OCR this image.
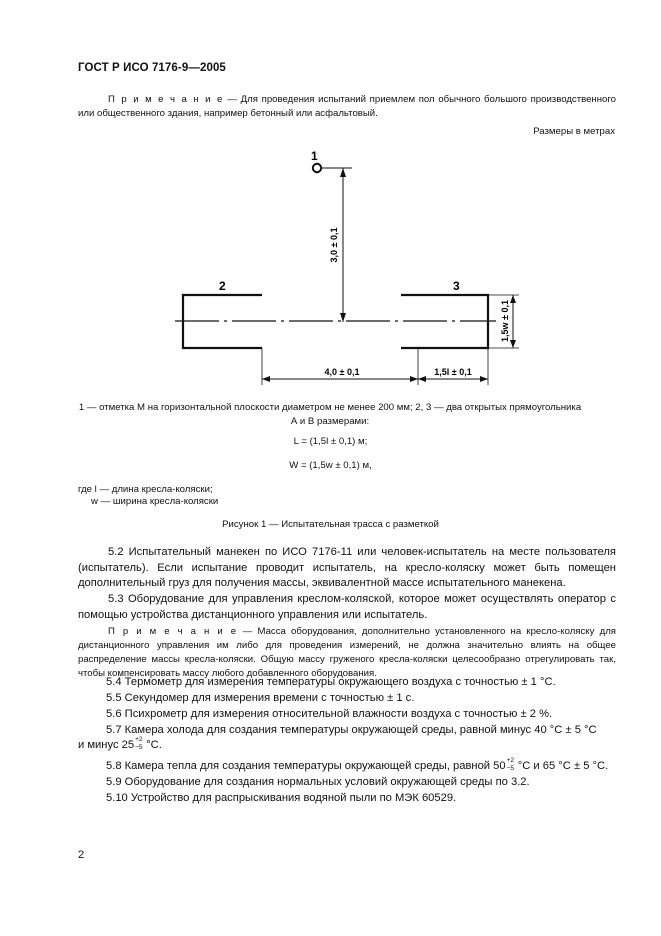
ГОСТ Р ИСО 7176-9—2005
П р и м е ч а н и е — Для проведения испытаний приемлем пол обычного большого производственного или общественного здания, например бетонный или асфальтовый.
Размеры в метрах
1
3,0 ± 0,1
2	3
1,5w ± 0,1
4,0 ± 0,1	1,5l ± 0,1
1 — отметка M на горизонтальной плоскости диаметром не менее 200 мм; 2, 3 — два открытых прямоугольника
А и В размерами:
L = (1,5l ± 0,1) м;
W = (1,5w ± 0,1) м,
где l — длина кресла-коляски;
w — ширина кресла-коляски
Рисунок 1 — Испытательная трасса с разметкой
5.2 Испытательный манекен по ИСО 7176-11 или человек-испытатель на месте пользователя (испытатель). Если испытание проводит испытатель, на кресло-коляску может быть помещен дополнительный груз для получения массы, эквивалентной массе испытательного манекена.
5.3 Оборудование для управления креслом-коляской, которое может осуществлять оператор с помощью устройства дистанционного управления или испытатель.
П р и м е ч а н и е — Масса оборудования, дополнительно установленного на кресло-коляску для дистанционного управления им либо для проведения измерений, не должна значительно влиять на общее распределение массы кресла-коляски. Общую массу груженого кресла-коляски целесообразно отрегулировать так, чтобы компенсировать массу любого добавленного оборудования.
5.4 Термометр для измерения температуры окружающего воздуха с точностью ± 1 °С.
5.5 Секундомер для измерения времени с точностью ± 1 с.
5.6 Психрометр для измерения относительной влажности воздуха с точностью ± 2 %.
5.7 Камера холода для создания температуры окружающей среды, равной минус 40 °С ± 5 °С
и минус 25 +2
−5 °С.
5.8 Камера тепла для создания температуры окружающей среды, равной 50 +2
−5 °С и 65 °С ± 5 °С.
5.9 Оборудование для создания нормальных условий окружающей среды по 3.2.
5.10 Устройство для распрыскивания водяной пыли по МЭК 60529.
2
